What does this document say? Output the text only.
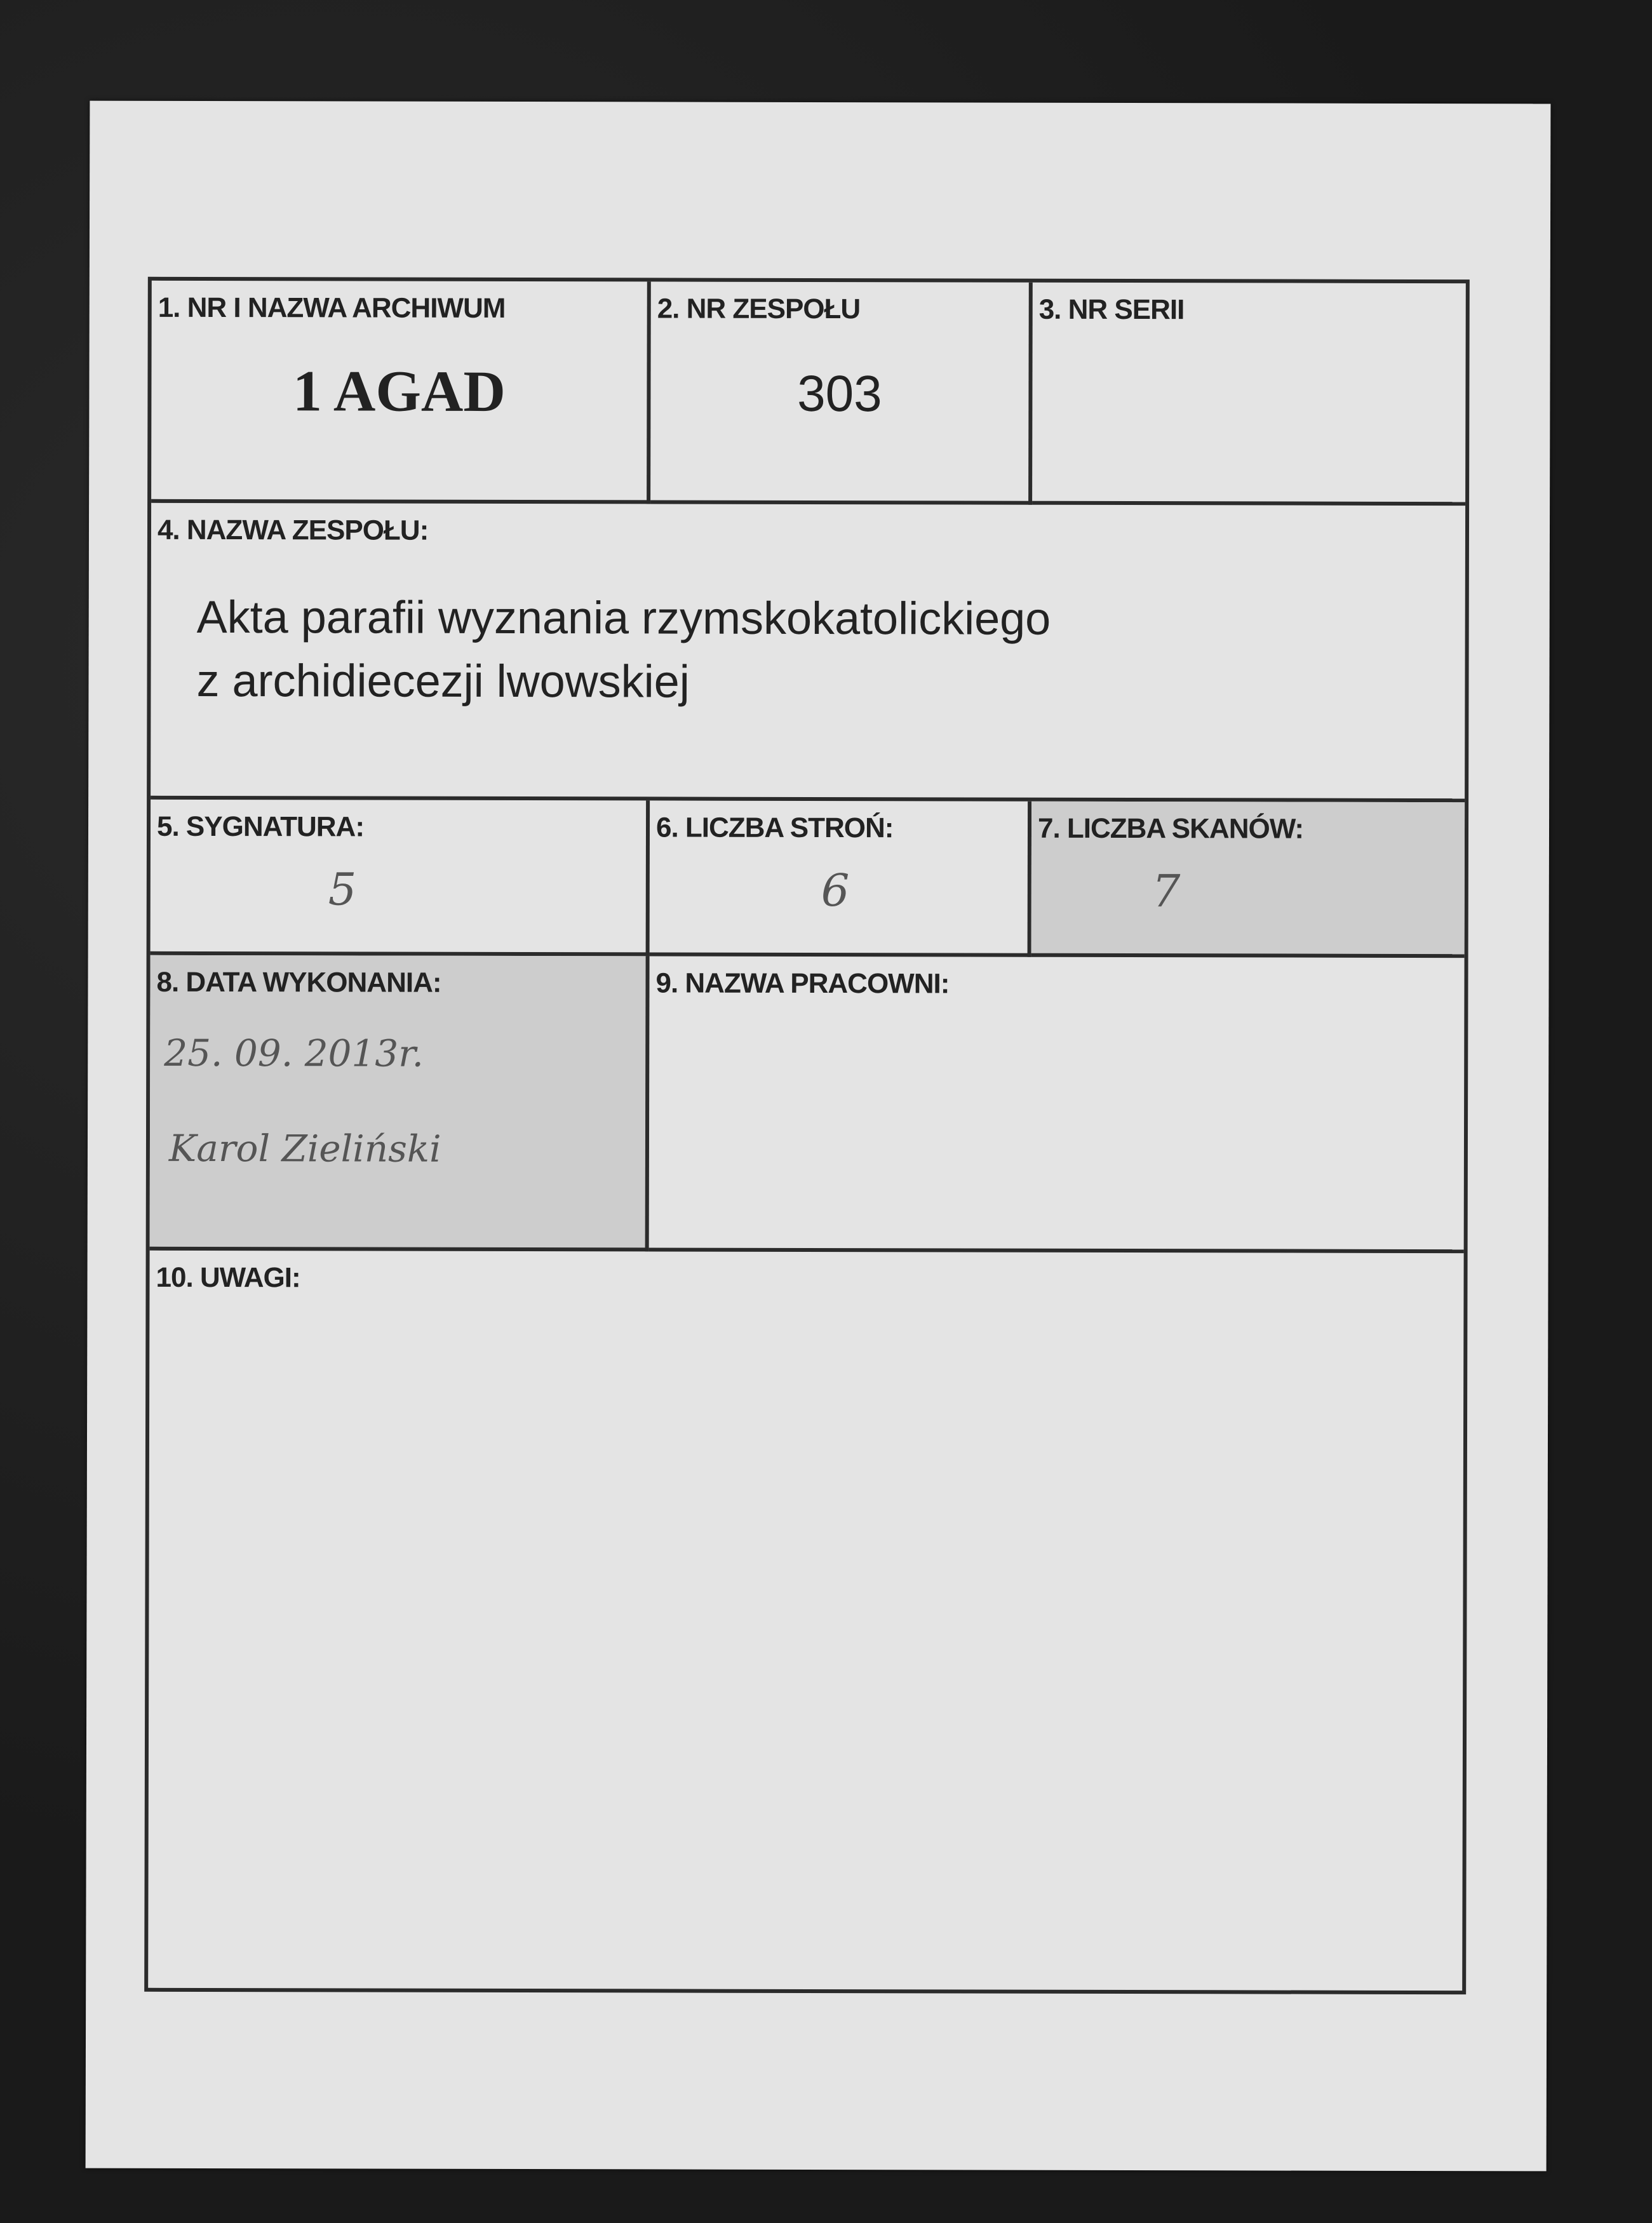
1. NR I NAZWA ARCHIWUM
1 AGAD
2. NR ZESPOŁU
303
3. NR SERII
4. NAZWA ZESPOŁU:
Akta parafii wyznania rzymskokatolickiego
z archidiecezji lwowskiej
5. SYGNATURA:
5
6. LICZBA STROŃ:
6
7. LICZBA SKANÓW:
7
8. DATA WYKONANIA:
25. 09. 2013r.
Karol Zieliński
9. NAZWA PRACOWNI:
10. UWAGI:
